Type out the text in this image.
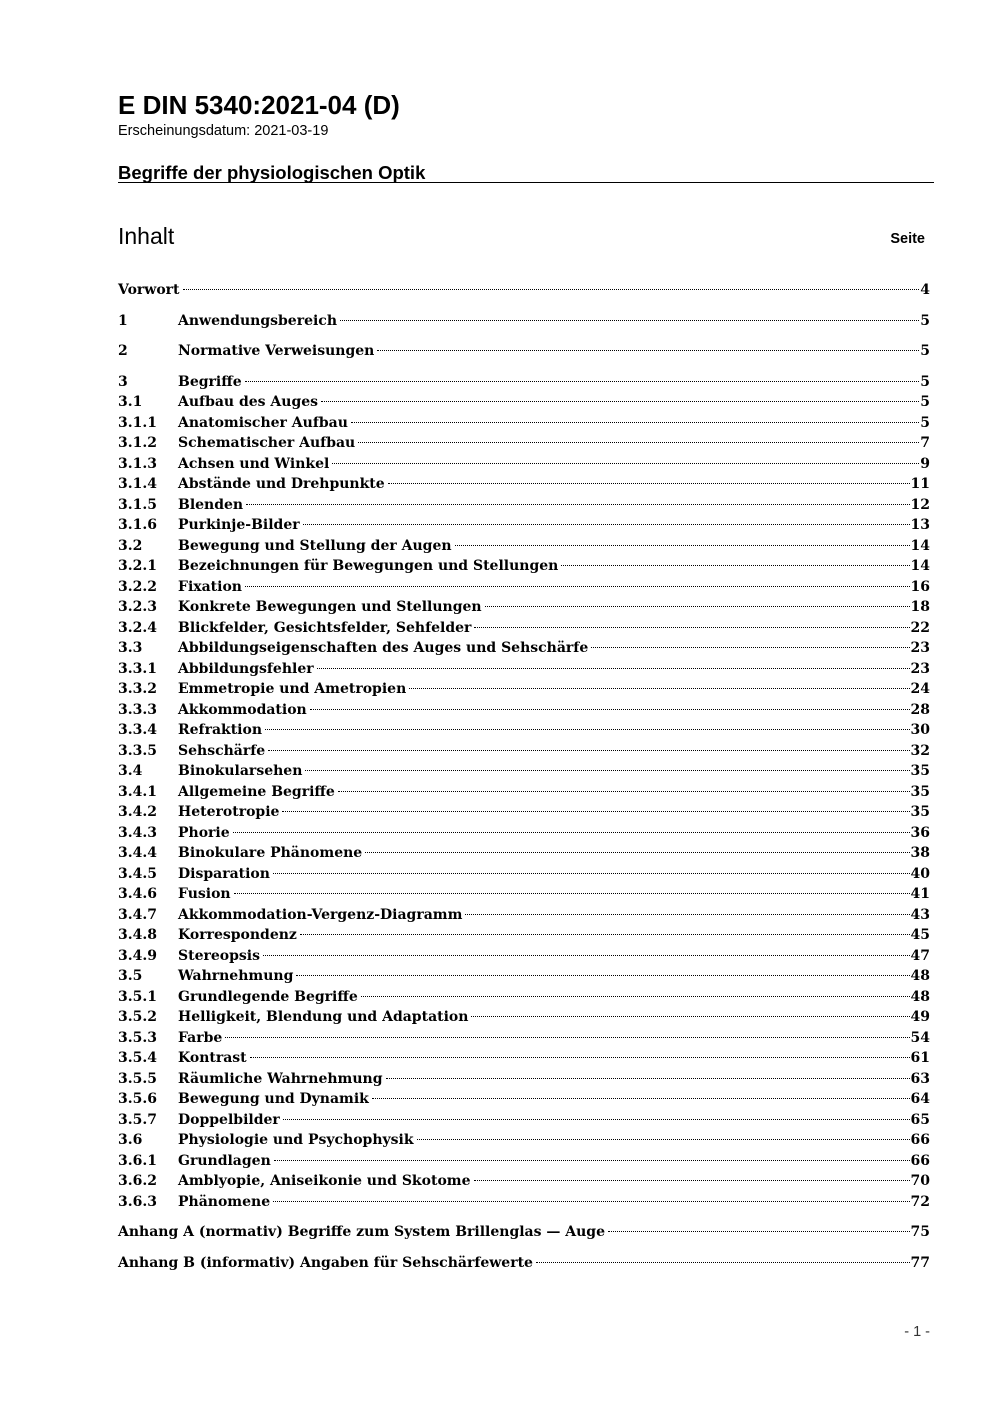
E DIN 5340:2021-04 (D)
Erscheinungsdatum: 2021-03-19
Begriffe der physiologischen Optik
Inhalt	Seite
Vorwort	4
1	Anwendungsbereich	5
2	Normative Verweisungen	5
3	Begriffe	5
3.1	Aufbau des Auges	5
3.1.1	Anatomischer Aufbau	5
3.1.2	Schematischer Aufbau	7
3.1.3	Achsen und Winkel	9
3.1.4	Abstände und Drehpunkte	11
3.1.5	Blenden	12
3.1.6	Purkinje-Bilder	13
3.2	Bewegung und Stellung der Augen	14
3.2.1	Bezeichnungen für Bewegungen und Stellungen	14
3.2.2	Fixation	16
3.2.3	Konkrete Bewegungen und Stellungen	18
3.2.4	Blickfelder, Gesichtsfelder, Sehfelder	22
3.3	Abbildungseigenschaften des Auges und Sehschärfe	23
3.3.1	Abbildungsfehler	23
3.3.2	Emmetropie und Ametropien	24
3.3.3	Akkommodation	28
3.3.4	Refraktion	30
3.3.5	Sehschärfe	32
3.4	Binokularsehen	35
3.4.1	Allgemeine Begriffe	35
3.4.2	Heterotropie	35
3.4.3	Phorie	36
3.4.4	Binokulare Phänomene	38
3.4.5	Disparation	40
3.4.6	Fusion	41
3.4.7	Akkommodation-Vergenz-Diagramm	43
3.4.8	Korrespondenz	45
3.4.9	Stereopsis	47
3.5	Wahrnehmung	48
3.5.1	Grundlegende Begriffe	48
3.5.2	Helligkeit, Blendung und Adaptation	49
3.5.3	Farbe	54
3.5.4	Kontrast	61
3.5.5	Räumliche Wahrnehmung	63
3.5.6	Bewegung und Dynamik	64
3.5.7	Doppelbilder	65
3.6	Physiologie und Psychophysik	66
3.6.1	Grundlagen	66
3.6.2	Amblyopie, Aniseikonie und Skotome	70
3.6.3	Phänomene	72
Anhang A (normativ) Begriffe zum System Brillenglas — Auge	75
Anhang B (informativ) Angaben für Sehschärfewerte	77
- 1 -
